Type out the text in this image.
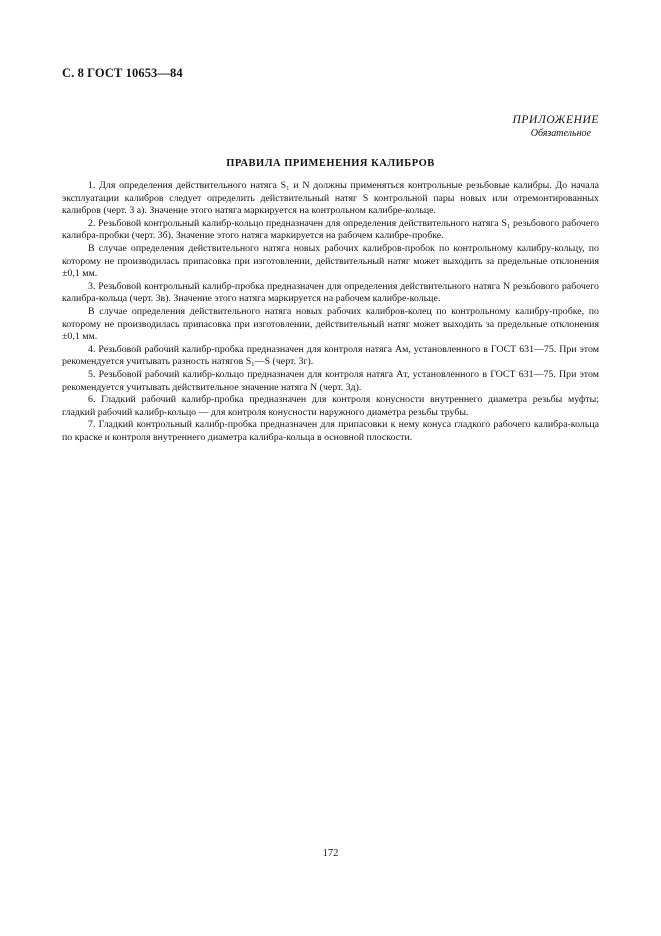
С. 8 ГОСТ 10653—84
ПРИЛОЖЕНИЕ
Обязательное
ПРАВИЛА ПРИМЕНЕНИЯ КАЛИБРОВ

1. Для определения действительного натяга S₁ и N должны применяться контрольные резьбовые калибры. До начала эксплуатации калибров следует определить действительный натяг S контрольной пары новых или отремонтированных калибров (черт. 3 а). Значение этого натяга маркируется на контрольном калибре-кольце.

2. Резьбовой контрольный калибр-кольцо предназначен для определения действительного натяга S₁ резьбового рабочего калибра-пробки (черт. 3б). Значение этого натяга маркируется на рабочем калибре-пробке.

В случае определения действительного натяга новых рабочих калибров-пробок по контрольному калибру-кольцу, по которому не производилась припасовка при изготовлении, действительный натяг может выходить за предельные отклонения ±0,1 мм.

3. Резьбовой контрольный калибр-пробка предназначен для определения действительного натяга N резьбового рабочего калибра-кольца (черт. 3в). Значение этого натяга маркируется на рабочем калибре-кольце.

В случае определения действительного натяга новых рабочих калибров-колец по контрольному калибру-пробке, по которому не производилась припасовка при изготовлении, действительный натяг может выходить за предельные отклонения ±0,1 мм.

4. Резьбовой рабочий калибр-пробка предназначен для контроля натяга Aм, установленного в ГОСТ 631—75. При этом рекомендуется учитывать разность натягов S₁—S (черт. 3г).

5. Резьбовой рабочий калибр-кольцо предназначен для контроля натяга Aт, установленного в ГОСТ 631—75. При этом рекомендуется учитывать действительное значение натяга N (черт. 3д).

6. Гладкий рабочий калибр-пробка предназначен для контроля конусности внутреннего диаметра резьбы муфты; гладкий рабочий калибр-кольцо — для контроля конусности наружного диаметра резьбы трубы.

7. Гладкий контрольный калибр-пробка предназначен для припасовки к нему конуса гладкого рабочего калибра-кольца по краске и контроля внутреннего диаметра калибра-кольца в основной плоскости.

172
